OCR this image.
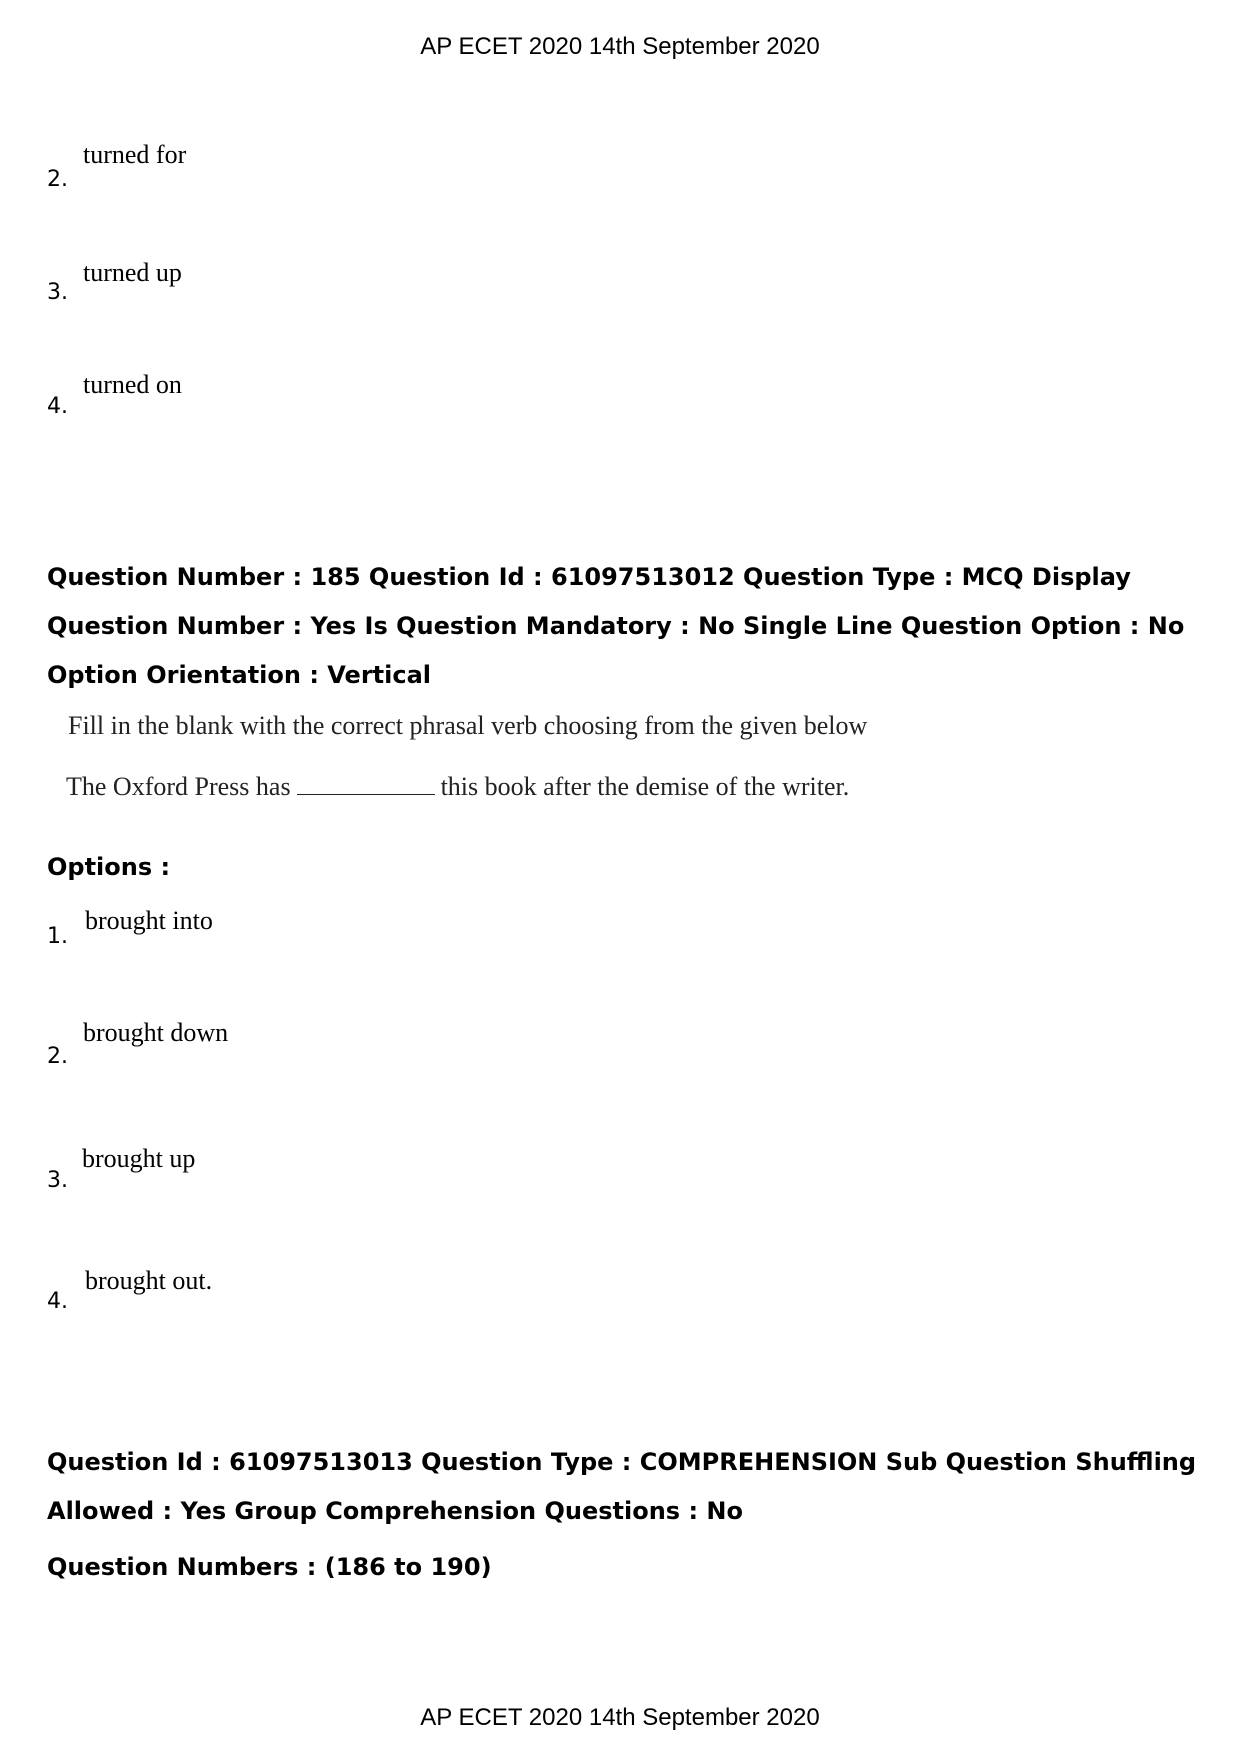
AP ECET 2020 14th September 2020
2.
turned for
3.
turned up
4.
turned on
Question Number : 185 Question Id : 61097513012 Question Type : MCQ Display Question Number : Yes Is Question Mandatory : No Single Line Question Option : No Option Orientation : Vertical
Fill in the blank with the correct phrasal verb choosing from the given below
The Oxford Press has	this book after the demise of the writer.
Options :
1.
brought into
2.
brought down
3.
brought up
4.
brought out.
Question Id : 61097513013 Question Type : COMPREHENSION Sub Question Shuffling Allowed : Yes Group Comprehension Questions : No
Question Numbers : (186 to 190)
AP ECET 2020 14th September 2020
